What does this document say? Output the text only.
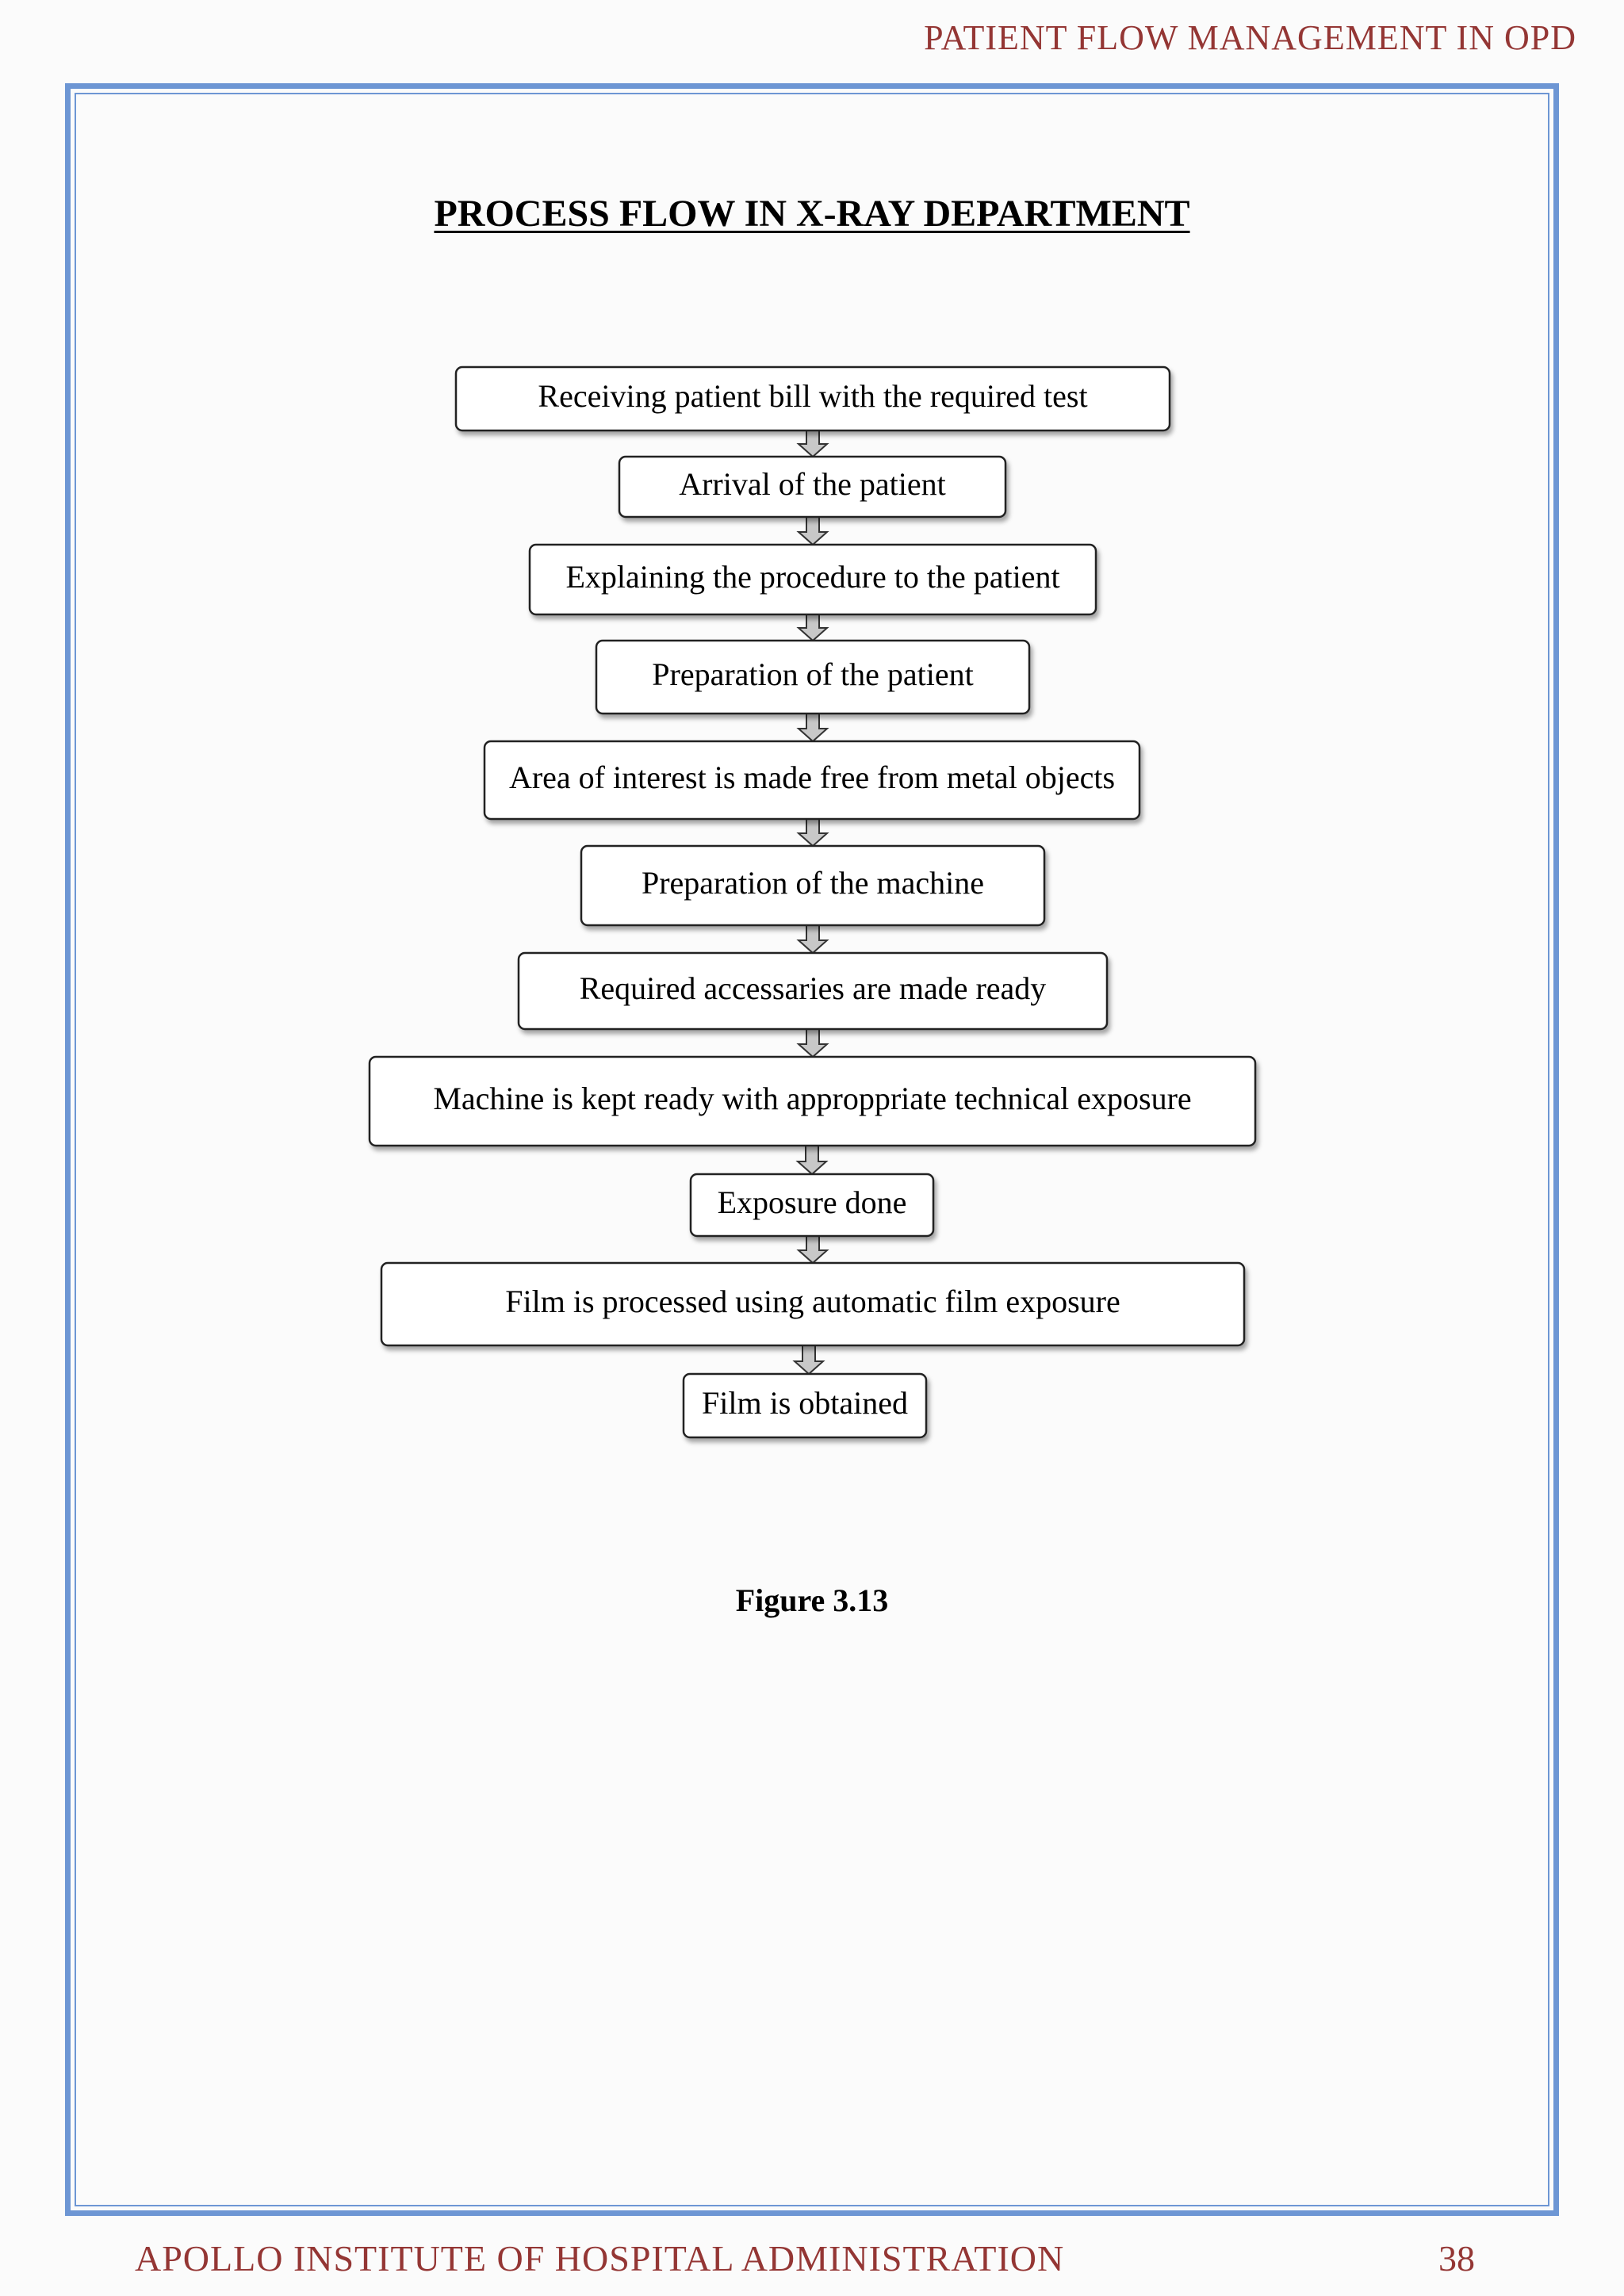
PATIENT FLOW MANAGEMENT IN OPD
PROCESS FLOW IN X-RAY DEPARTMENT
Receiving patient bill with the required test
Arrival of the patient
Explaining the procedure to the patient
Preparation of the patient
Area of interest is made free from metal objects
Preparation of the machine
Required accessaries are made ready
Machine is kept ready with approppriate technical exposure
Exposure done
Film is processed using automatic film exposure
Film is obtained
Figure 3.13
APOLLO INSTITUTE OF HOSPITAL ADMINISTRATION	38
